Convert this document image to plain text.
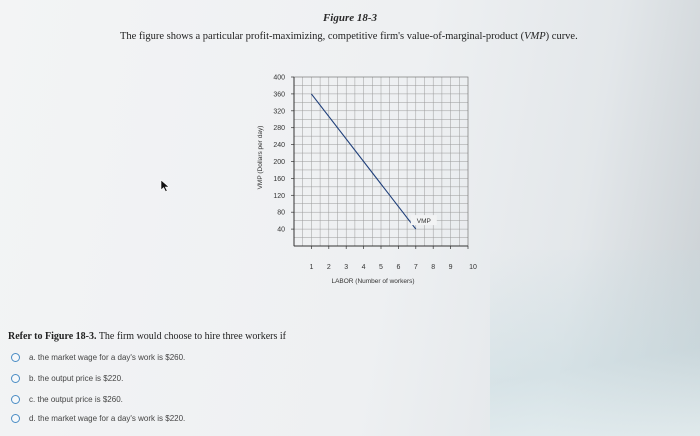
Figure 18-3
The figure shows a particular profit-maximizing, competitive firm's value-of-marginal-product (VMP) curve.
40
80
120
160
200
240
280
320
360
400
1 2 3 4 5 6 7 8 9 10
LABOR (Number of workers)
VMP (Dollars per day)
VMP
Refer to Figure 18-3. The firm would choose to hire three workers if
a.
the market wage for a day's work is $260.
b.
the output price is $220.
c.
the output price is $260.
d.
the market wage for a day's work is $220.
